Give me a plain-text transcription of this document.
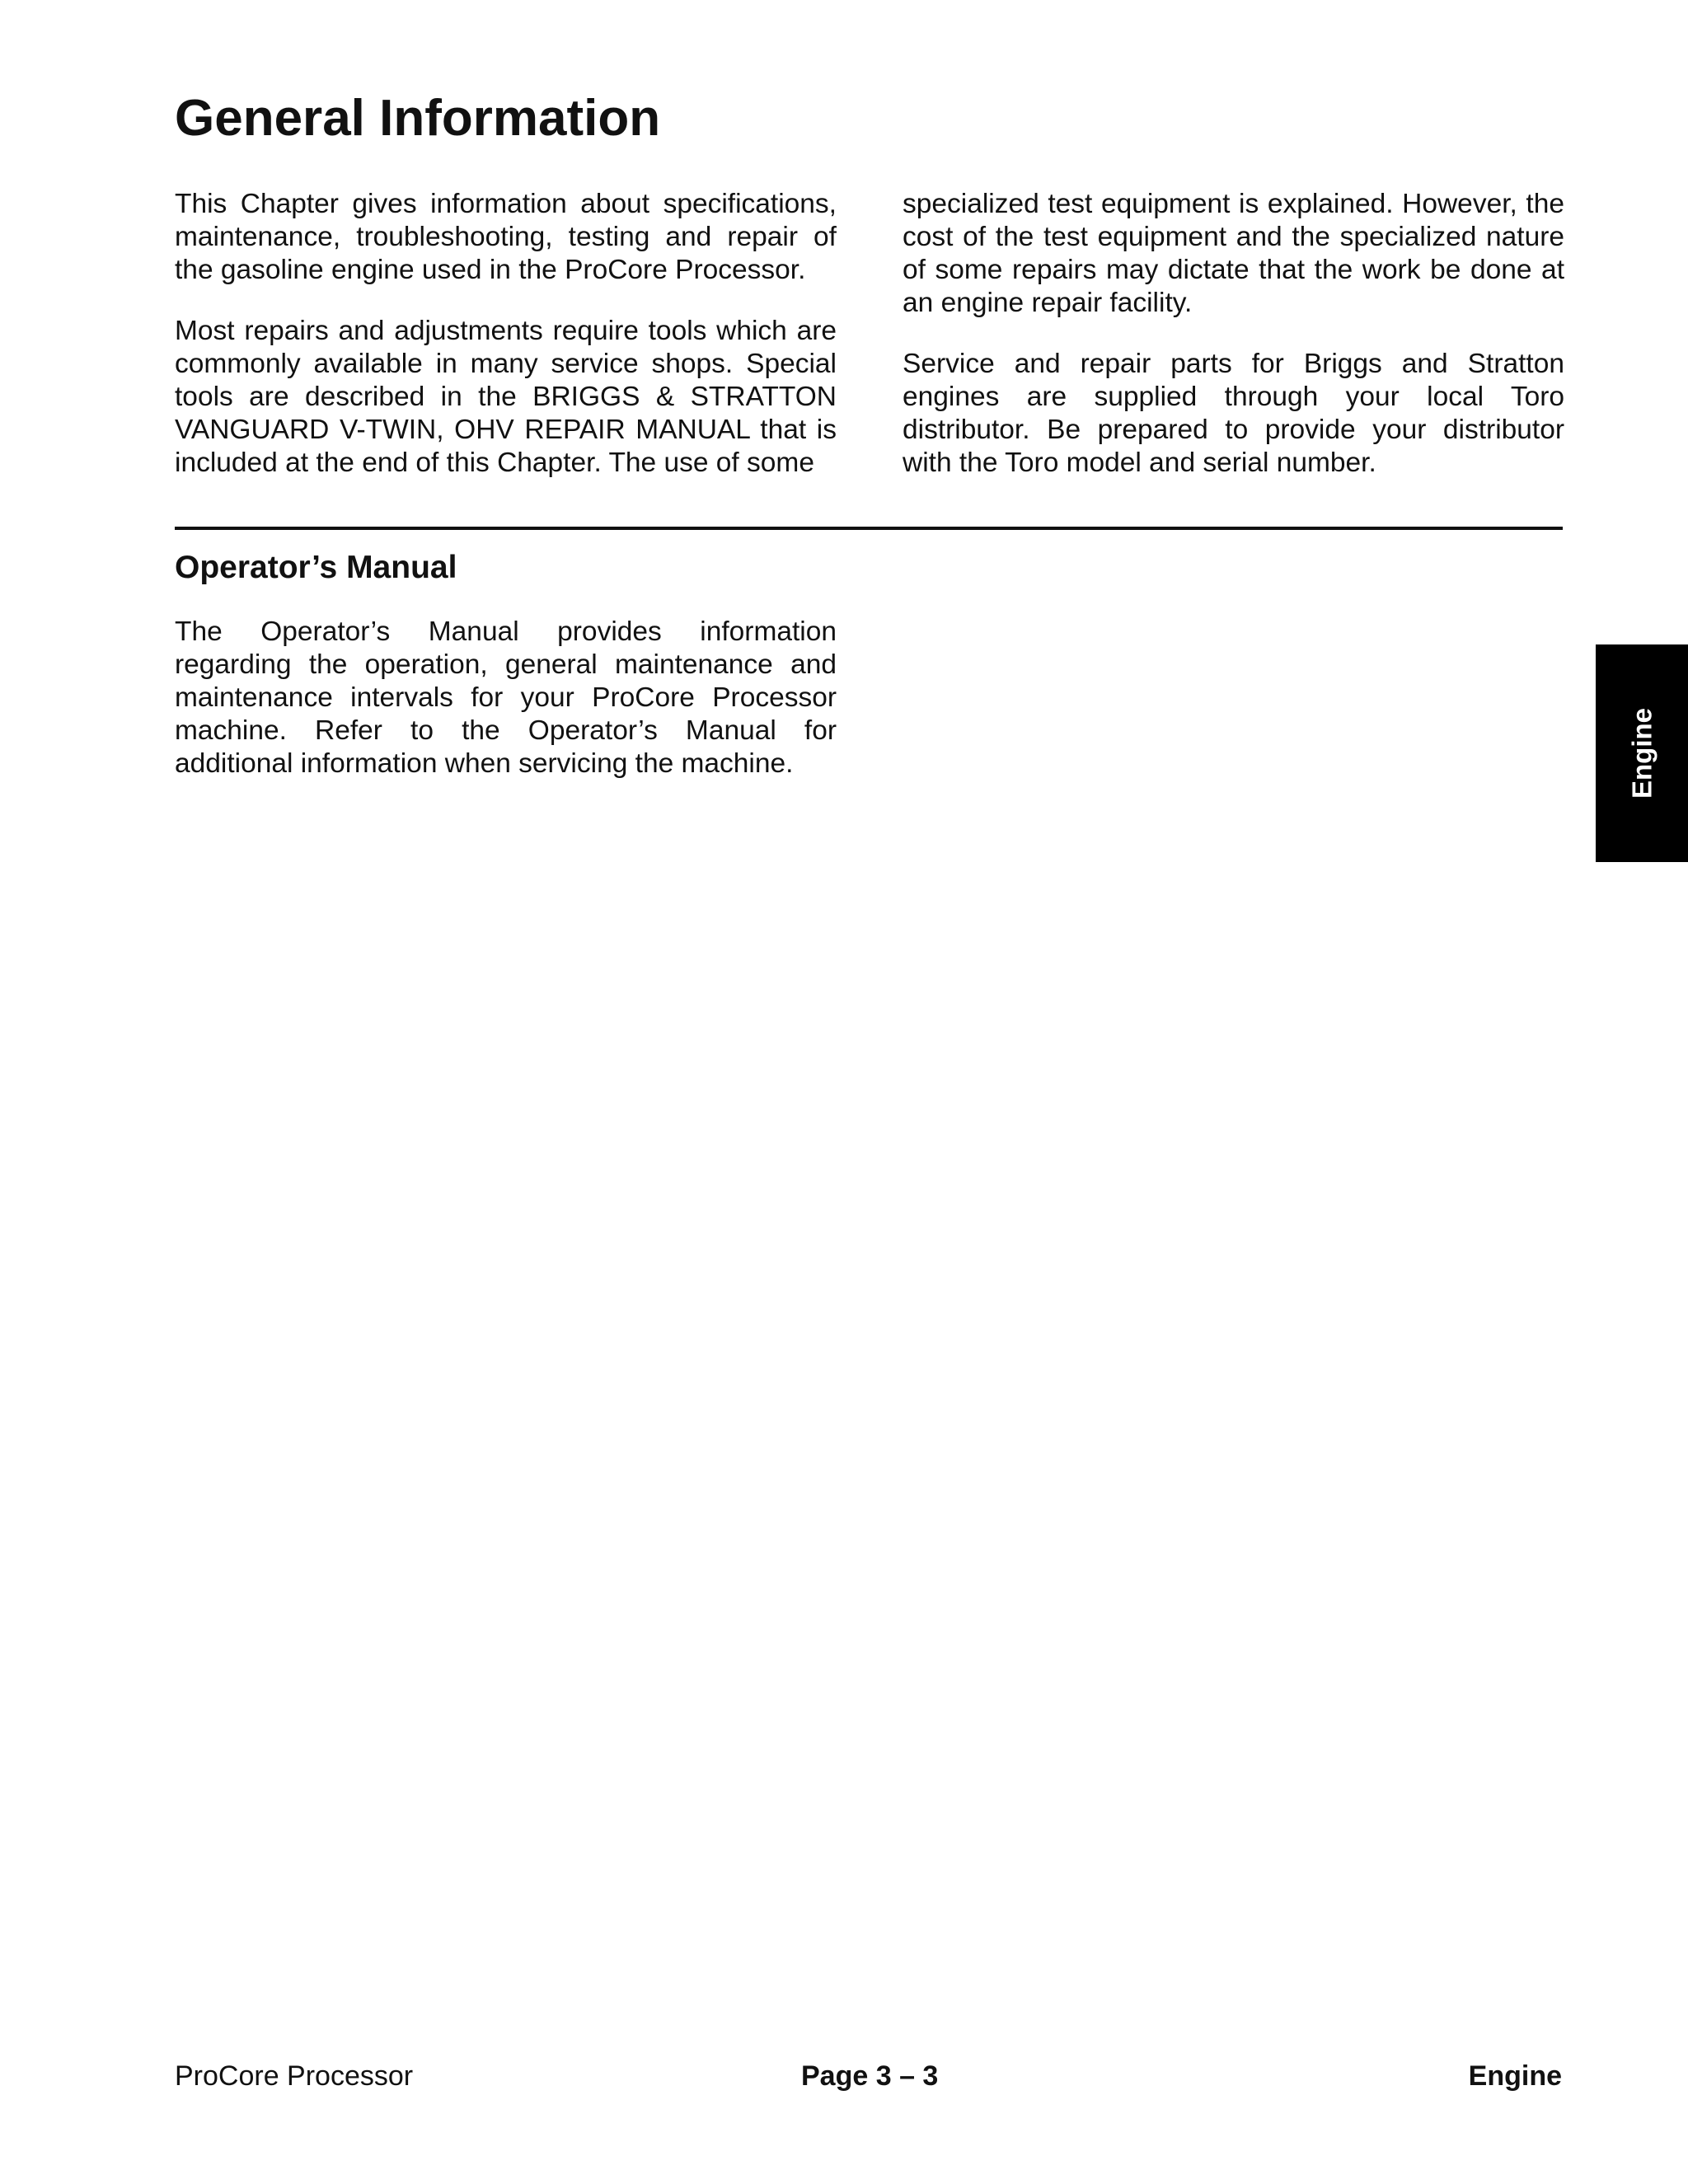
General Information

This Chapter gives information about specifications, maintenance, troubleshooting, testing and repair of the gasoline engine used in the ProCore Processor.

Most repairs and adjustments require tools which are commonly available in many service shops. Special tools are described in the BRIGGS & STRATTON VANGUARD V-TWIN, OHV REPAIR MANUAL that is included at the end of this Chapter. The use of some

specialized test equipment is explained. However, the cost of the test equipment and the specialized nature of some repairs may dictate that the work be done at an engine repair facility.

Service and repair parts for Briggs and Stratton engines are supplied through your local Toro distributor. Be prepared to provide your distributor with the Toro model and serial number.

Operator’s Manual

The Operator’s Manual provides information regarding the operation, general maintenance and maintenance intervals for your ProCore Processor machine. Refer to the Operator’s Manual for additional information when servicing the machine.	Engine
ProCore Processor	Page 3 – 3	Engine
